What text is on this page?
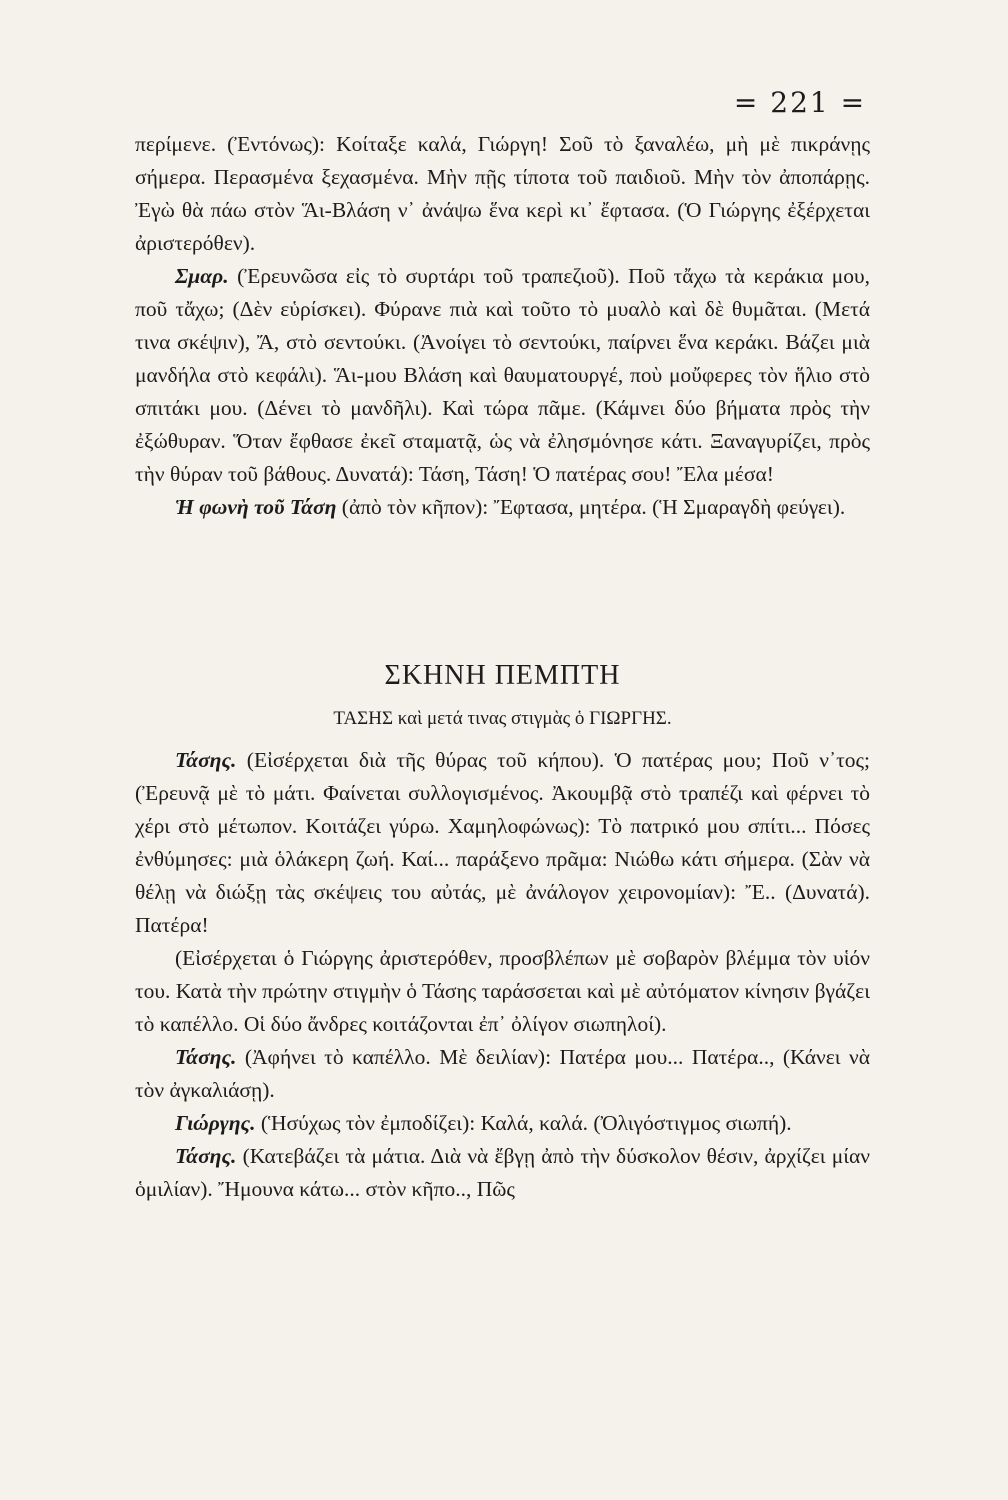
= 221 =

περίμενε. (Ἐντόνως): Κοίταξε καλά, Γιώργη! Σοῦ τὸ ξαναλέω, μὴ μὲ πικράνῃς σήμερα. Περασμένα ξεχασμένα. Μὴν πῇς τίποτα τοῦ παιδιοῦ. Μὴν τὸν ἀποπάρῃς. Ἐγὼ θὰ πάω στὸν Ἅι-Βλάση ν᾽ ἀνάψω ἕνα κερὶ κι᾽ ἔφτασα. (Ὁ Γιώργης ἐξέρχεται ἀριστερόθεν).

Σμαρ. (Ἐρευνῶσα εἰς τὸ συρτάρι τοῦ τραπεζιοῦ). Ποῦ τἄχω τὰ κεράκια μου, ποῦ τἄχω; (Δὲν εὑρίσκει). Φύρανε πιὰ καὶ τοῦτο τὸ μυαλὸ καὶ δὲ θυμᾶται. (Μετά τινα σκέψιν), Ἄ, στὸ σεντούκι. (Ἀνοίγει τὸ σεντούκι, παίρνει ἕνα κεράκι. Βάζει μιὰ μανδήλα στὸ κεφάλι). Ἅι-μου Βλάση καὶ θαυματουργέ, ποὺ μοὔφερες τὸν ἥλιο στὸ σπιτάκι μου. (Δένει τὸ μανδῆλι). Καὶ τώρα πᾶμε. (Κάμνει δύο βήματα πρὸς τὴν ἐξώθυραν. Ὅταν ἔφθασε ἐκεῖ σταματᾷ, ὡς νὰ ἐλησμόνησε κάτι. Ξαναγυρίζει, πρὸς τὴν θύραν τοῦ βάθους. Δυνατά): Τάση, Τάση! Ὁ πατέρας σου! Ἔλα μέσα!

Ἡ φωνὴ τοῦ Τάση (ἀπὸ τὸν κῆπον): Ἔφτασα, μητέρα. (Ἡ Σμαραγδὴ φεύγει).

ΣΚΗΝΗ ΠΕΜΠΤΗ
ΤΑΣΗΣ καὶ μετά τινας στιγμὰς ὁ ΓΙΩΡΓΗΣ.

Τάσης. (Εἰσέρχεται διὰ τῆς θύρας τοῦ κήπου). Ὁ πατέρας μου; Ποῦ ν᾽τος; (Ἐρευνᾷ μὲ τὸ μάτι. Φαίνεται συλλογισμένος. Ἀκουμβᾷ στὸ τραπέζι καὶ φέρνει τὸ χέρι στὸ μέτωπον. Κοιτάζει γύρω. Χαμηλοφώνως): Τὸ πατρικό μου σπίτι... Πόσες ἐνθύμησες: μιὰ ὁλάκερη ζωή. Καί... παράξενο πρᾶμα: Νιώθω κάτι σήμερα. (Σὰν νὰ θέλῃ νὰ διώξῃ τὰς σκέψεις του αὐτάς, μὲ ἀνάλογον χειρονομίαν): Ἔ.. (Δυνατά). Πατέρα!

(Εἰσέρχεται ὁ Γιώργης ἀριστερόθεν, προσβλέπων μὲ σοβαρὸν βλέμμα τὸν υἱόν του. Κατὰ τὴν πρώτην στιγμὴν ὁ Τάσης ταράσσεται καὶ μὲ αὐτόματον κίνησιν βγάζει τὸ καπέλλο. Οἱ δύο ἄνδρες κοιτάζονται ἐπ᾽ ὀλίγον σιωπηλοί).

Τάσης. (Ἀφήνει τὸ καπέλλο. Μὲ δειλίαν): Πατέρα μου... Πατέρα.., (Κάνει νὰ τὸν ἀγκαλιάσῃ).

Γιώργης. (Ἡσύχως τὸν ἐμποδίζει): Καλά, καλά. (Ὀλιγόστιγμος σιωπή).

Τάσης. (Κατεβάζει τὰ μάτια. Διὰ νὰ ἔβγῃ ἀπὸ τὴν δύσκολον θέσιν, ἀρχίζει μίαν ὁμιλίαν). Ἤμουνα κάτω... στὸν κῆπο.., Πῶς
